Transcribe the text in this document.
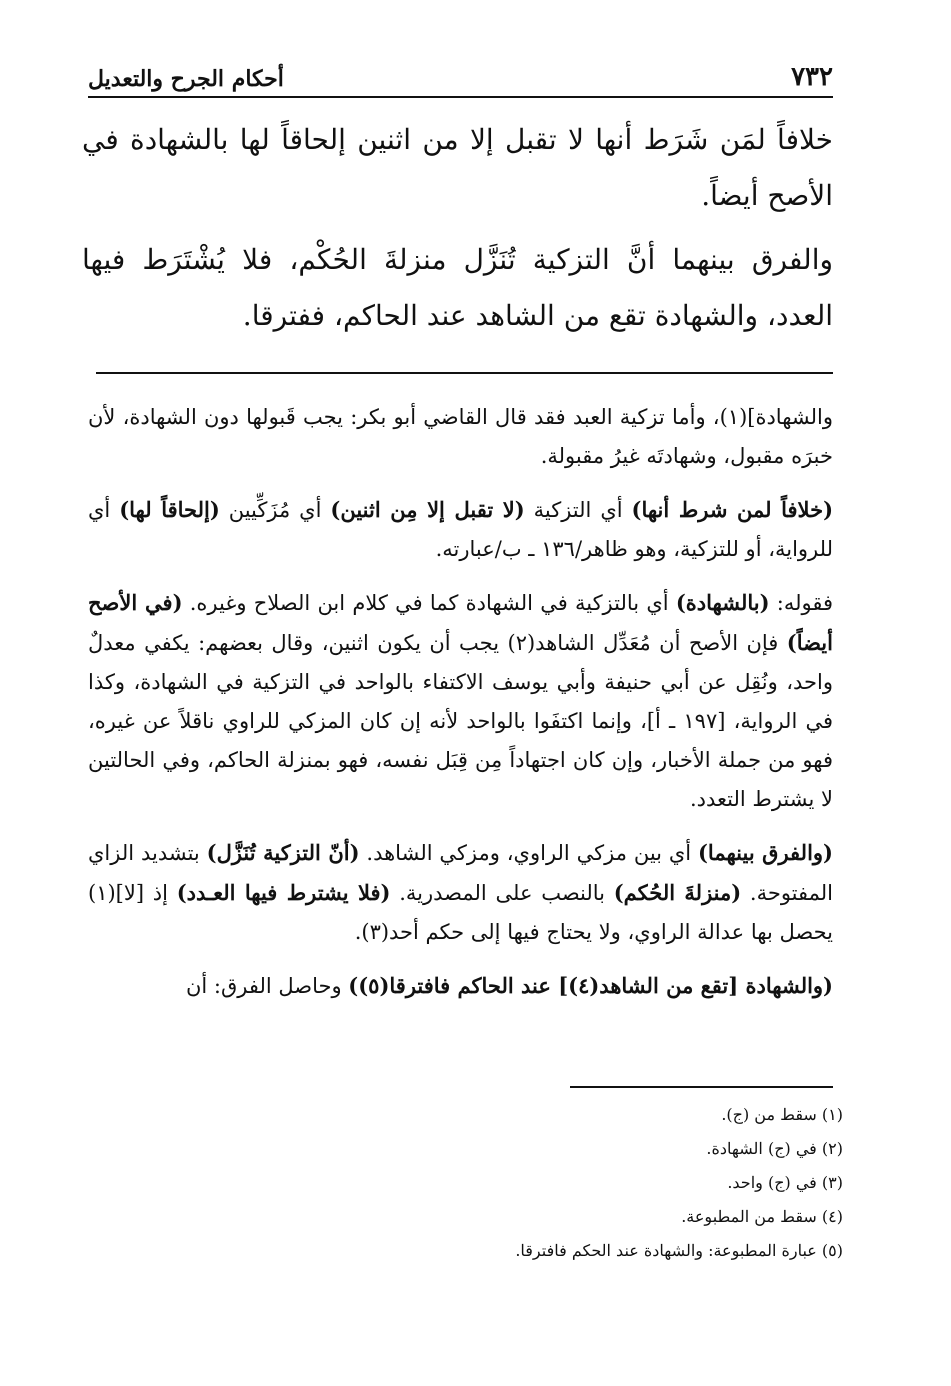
٧٣٢
أحكام الجرح والتعديل

خلافاً لمَن شَرَط أنها لا تقبل إلا من اثنين إلحاقاً لها بالشهادة في الأصح أيضاً.

والفرق بينهما أنَّ التزكية تُنَزَّل منزلةَ الحُكْم، فلا يُشْتَرَط فيها العدد، والشهادة تقع من الشاهد عند الحاكم، ففترقا.

والشهادة](١)، وأما تزكية العبد فقد قال القاضي أبو بكر: يجب قَبولها دون الشهادة، لأن خبرَه مقبول، وشهادتَه غيرُ مقبولة.

(خلافاً لمن شرط أنها) أي التزكية (لا تقبل إلا مِن اثنين) أي مُزَكِّيين (إلحاقاً لها) أي للرواية، أو للتزكية، وهو ظاهر/١٣٦ ـ ب/عبارته.

فقوله: (بالشهادة) أي بالتزكية في الشهادة كما في كلام ابن الصلاح وغيره. (في الأصح أيضاً) فإن الأصح أن مُعَدِّل الشاهد(٢) يجب أن يكون اثنين، وقال بعضهم: يكفي معدلٌ واحد، ونُقِل عن أبي حنيفة وأبي يوسف الاكتفاء بالواحد في التزكية في الشهادة، وكذا في الرواية، [١٩٧ ـ أ]، وإنما اكتفَوا بالواحد لأنه إن كان المزكي للراوي ناقلاً عن غيره، فهو من جملة الأخبار، وإن كان اجتهاداً مِن قِبَل نفسه، فهو بمنزلة الحاكم، وفي الحالتين لا يشترط التعدد.

(والفرق بينهما) أي بين مزكي الراوي، ومزكي الشاهد. (أنّ التزكية تُنَزَّل) بتشديد الزاي المفتوحة. (منزلةَ الحُكم) بالنصب على المصدرية. (فلا يشترط فيها العـدد) إذ [لا](١) يحصل بها عدالة الراوي، ولا يحتاج فيها إلى حكم أحد(٣).

(والشهادة [تقع من الشاهد(٤)] عند الحاكم فافترقا(٥)) وحاصل الفرق: أن

(١) سقط من (ج).
(٢) في (ج) الشهادة.
(٣) في (ج) واحد.
(٤) سقط من المطبوعة.
(٥) عبارة المطبوعة: والشهادة عند الحكم فافترقا.
